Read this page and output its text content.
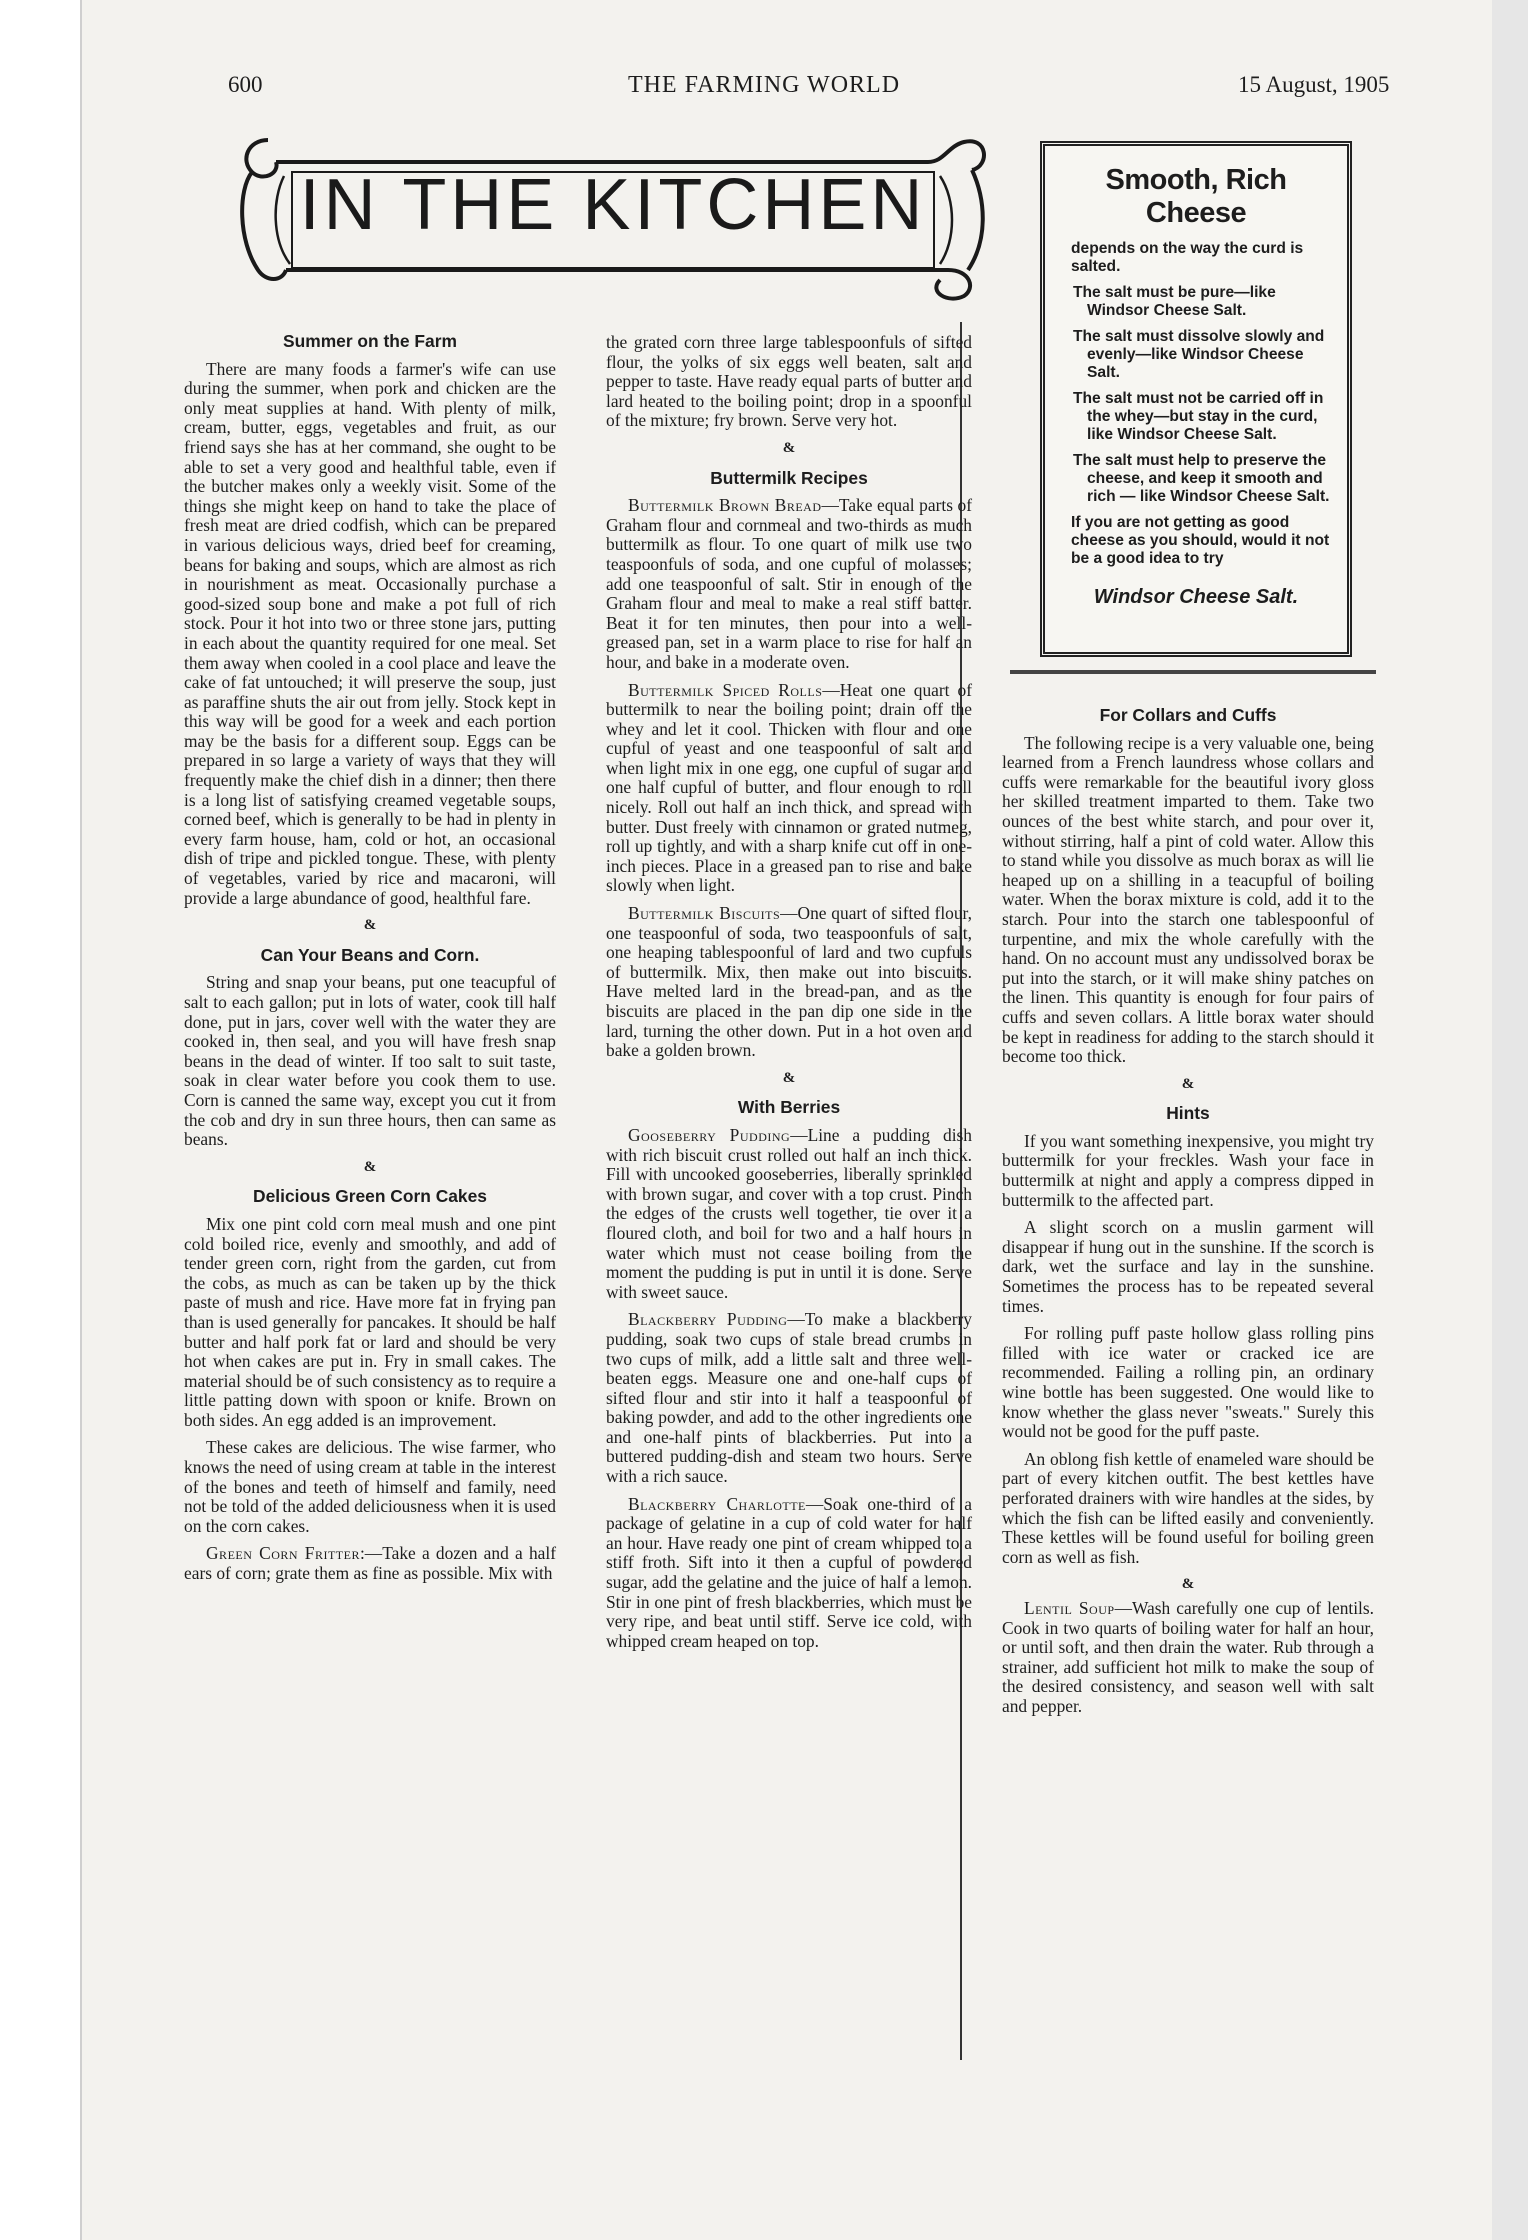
600	THE FARMING WORLD	15 August, 1905
IN THE KITCHEN
Summer on the Farm

There are many foods a farmer's wife can use during the summer, when pork and chicken are the only meat supplies at hand. With plenty of milk, cream, butter, eggs, vegetables and fruit, as our friend says she has at her command, she ought to be able to set a very good and healthful table, even if the butcher makes only a weekly visit. Some of the things she might keep on hand to take the place of fresh meat are dried codfish, which can be prepared in various delicious ways, dried beef for creaming, beans for baking and soups, which are almost as rich in nourishment as meat. Occasionally purchase a good-sized soup bone and make a pot full of rich stock. Pour it hot into two or three stone jars, putting in each about the quantity required for one meal. Set them away when cooled in a cool place and leave the cake of fat untouched; it will preserve the soup, just as paraffine shuts the air out from jelly. Stock kept in this way will be good for a week and each portion may be the basis for a different soup. Eggs can be prepared in so large a variety of ways that they will frequently make the chief dish in a dinner; then there is a long list of satisfying creamed vegetable soups, corned beef, which is generally to be had in plenty in every farm house, ham, cold or hot, an occasional dish of tripe and pickled tongue. These, with plenty of vegetables, varied by rice and macaroni, will provide a large abundance of good, healthful fare.

&
Can Your Beans and Corn.

String and snap your beans, put one teacupful of salt to each gallon; put in lots of water, cook till half done, put in jars, cover well with the water they are cooked in, then seal, and you will have fresh snap beans in the dead of winter. If too salt to suit taste, soak in clear water before you cook them to use. Corn is canned the same way, except you cut it from the cob and dry in sun three hours, then can same as beans.

&
Delicious Green Corn Cakes

Mix one pint cold corn meal mush and one pint cold boiled rice, evenly and smoothly, and add of tender green corn, right from the garden, cut from the cobs, as much as can be taken up by the thick paste of mush and rice. Have more fat in frying pan than is used generally for pancakes. It should be half butter and half pork fat or lard and should be very hot when cakes are put in. Fry in small cakes. The material should be of such consistency as to require a little patting down with spoon or knife. Brown on both sides. An egg added is an improvement.

These cakes are delicious. The wise farmer, who knows the need of using cream at table in the interest of the bones and teeth of himself and family, need not be told of the added deliciousness when it is used on the corn cakes.

Green Corn Fritter:—Take a dozen and a half ears of corn; grate them as fine as possible. Mix with

the grated corn three large tablespoonfuls of sifted flour, the yolks of six eggs well beaten, salt and pepper to taste. Have ready equal parts of butter and lard heated to the boiling point; drop in a spoonful of the mixture; fry brown. Serve very hot.

&
Buttermilk Recipes

Buttermilk Brown Bread—Take equal parts of Graham flour and cornmeal and two-thirds as much buttermilk as flour. To one quart of milk use two teaspoonfuls of soda, and one cupful of molasses; add one teaspoonful of salt. Stir in enough of the Graham flour and meal to make a real stiff batter. Beat it for ten minutes, then pour into a well-greased pan, set in a warm place to rise for half an hour, and bake in a moderate oven.

Buttermilk Spiced Rolls—Heat one quart of buttermilk to near the boiling point; drain off the whey and let it cool. Thicken with flour and one cupful of yeast and one teaspoonful of salt and when light mix in one egg, one cupful of sugar and one half cupful of butter, and flour enough to roll nicely. Roll out half an inch thick, and spread with butter. Dust freely with cinnamon or grated nutmeg, roll up tightly, and with a sharp knife cut off in one-inch pieces. Place in a greased pan to rise and bake slowly when light.

Buttermilk Biscuits—One quart of sifted flour, one teaspoonful of soda, two teaspoonfuls of salt, one heaping tablespoonful of lard and two cupfuls of buttermilk. Mix, then make out into biscuits. Have melted lard in the bread-pan, and as the biscuits are placed in the pan dip one side in the lard, turning the other down. Put in a hot oven and bake a golden brown.

&
With Berries

Gooseberry Pudding—Line a pudding dish with rich biscuit crust rolled out half an inch thick. Fill with uncooked gooseberries, liberally sprinkled with brown sugar, and cover with a top crust. Pinch the edges of the crusts well together, tie over it a floured cloth, and boil for two and a half hours in water which must not cease boiling from the moment the pudding is put in until it is done. Serve with sweet sauce.

Blackberry Pudding—To make a blackberry pudding, soak two cups of stale bread crumbs in two cups of milk, add a little salt and three well-beaten eggs. Measure one and one-half cups of sifted flour and stir into it half a teaspoonful of baking powder, and add to the other ingredients one and one-half pints of blackberries. Put into a buttered pudding-dish and steam two hours. Serve with a rich sauce.

Blackberry Charlotte—Soak one-third of a package of gelatine in a cup of cold water for half an hour. Have ready one pint of cream whipped to a stiff froth. Sift into it then a cupful of powdered sugar, add the gelatine and the juice of half a lemon. Stir in one pint of fresh blackberries, which must be very ripe, and beat until stiff. Serve ice cold, with whipped cream heaped on top.

Smooth, Rich Cheese
depends on the way the curd is salted.
The salt must be pure—like Windsor Cheese Salt.
The salt must dissolve slowly and evenly—like Windsor Cheese Salt.
The salt must not be carried off in the whey—but stay in the curd, like Windsor Cheese Salt.
The salt must help to preserve the cheese, and keep it smooth and rich — like Windsor Cheese Salt.
If you are not getting as good cheese as you should, would it not be a good idea to try
Windsor Cheese Salt.
For Collars and Cuffs

The following recipe is a very valuable one, being learned from a French laundress whose collars and cuffs were remarkable for the beautiful ivory gloss her skilled treatment imparted to them. Take two ounces of the best white starch, and pour over it, without stirring, half a pint of cold water. Allow this to stand while you dissolve as much borax as will lie heaped up on a shilling in a teacupful of boiling water. When the borax mixture is cold, add it to the starch. Pour into the starch one tablespoonful of turpentine, and mix the whole carefully with the hand. On no account must any undissolved borax be put into the starch, or it will make shiny patches on the linen. This quantity is enough for four pairs of cuffs and seven collars. A little borax water should be kept in readiness for adding to the starch should it become too thick.

&
Hints

If you want something inexpensive, you might try buttermilk for your freckles. Wash your face in buttermilk at night and apply a compress dipped in buttermilk to the affected part.

A slight scorch on a muslin garment will disappear if hung out in the sunshine. If the scorch is dark, wet the surface and lay in the sunshine. Sometimes the process has to be repeated several times.

For rolling puff paste hollow glass rolling pins filled with ice water or cracked ice are recommended. Failing a rolling pin, an ordinary wine bottle has been suggested. One would like to know whether the glass never "sweats." Surely this would not be good for the puff paste.

An oblong fish kettle of enameled ware should be part of every kitchen outfit. The best kettles have perforated drainers with wire handles at the sides, by which the fish can be lifted easily and conveniently. These kettles will be found useful for boiling green corn as well as fish.

&

Lentil Soup—Wash carefully one cup of lentils. Cook in two quarts of boiling water for half an hour, or until soft, and then drain the water. Rub through a strainer, add sufficient hot milk to make the soup of the desired consistency, and season well with salt and pepper.
